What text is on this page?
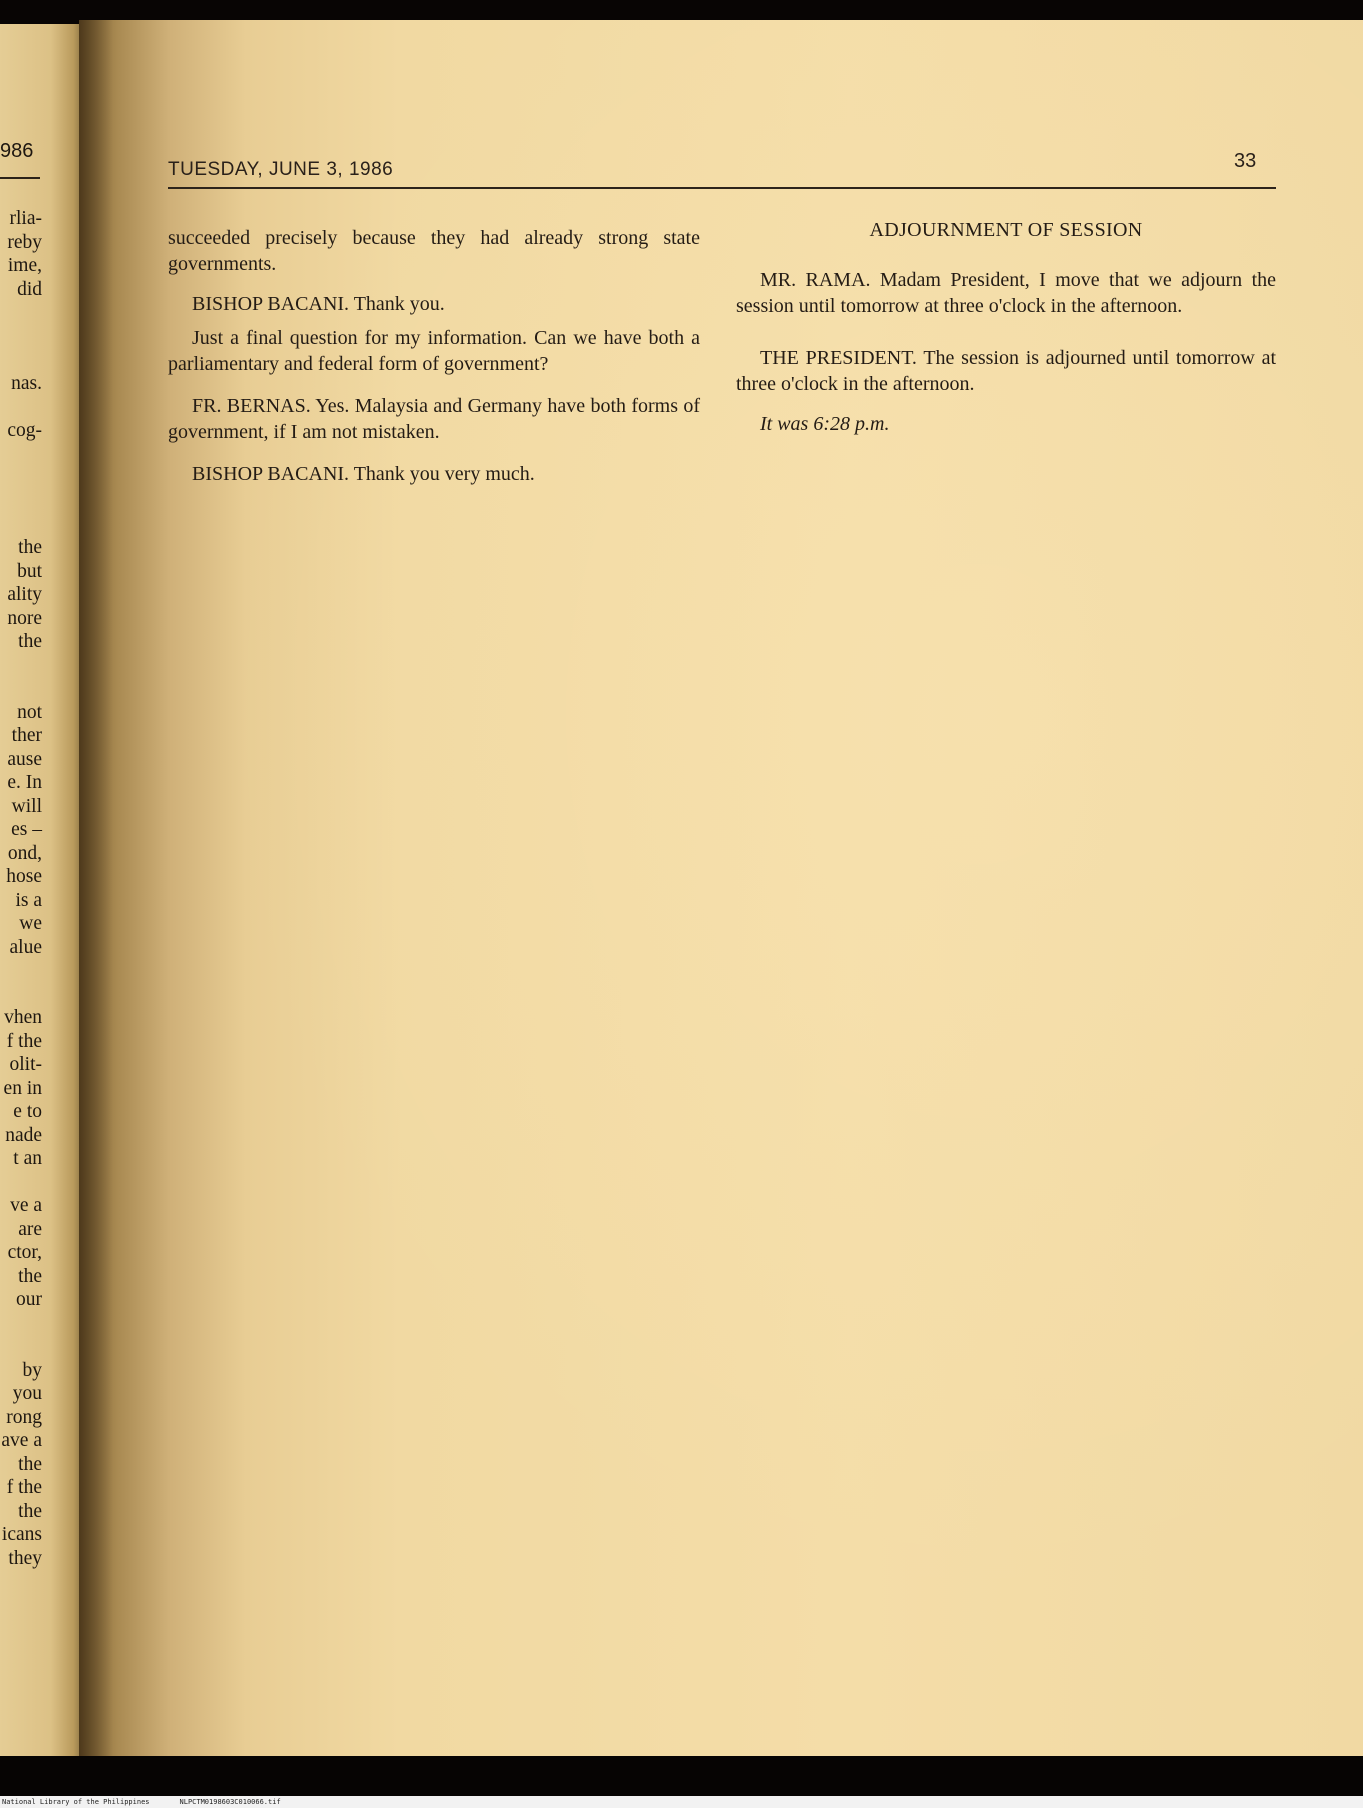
986
rlia-
reby
ime,
did
nas.
cog-
the
but
ality
nore
the
not
ther
ause
e. In
will
es –
ond,
hose
is a
we
alue
vhen
f the
olit-
en in
e to
nade
t an
ve a
are
ctor,
the
our
by
you
rong
ave a
the
f the
the
icans
they
TUESDAY, JUNE 3, 1986	33

succeeded precisely because they had already strong state governments.

BISHOP BACANI. Thank you.

Just a final question for my information. Can we have both a parliamentary and federal form of government?

FR. BERNAS. Yes. Malaysia and Germany have both forms of government, if I am not mistaken.

BISHOP BACANI. Thank you very much.

ADJOURNMENT OF SESSION

MR. RAMA. Madam President, I move that we adjourn the session until tomorrow at three o'clock in the afternoon.

THE PRESIDENT. The session is adjourned until tomorrow at three o'clock in the afternoon.

It was 6:28 p.m.

National Library of the Philippines	NLPCTM0198603C010066.tif
